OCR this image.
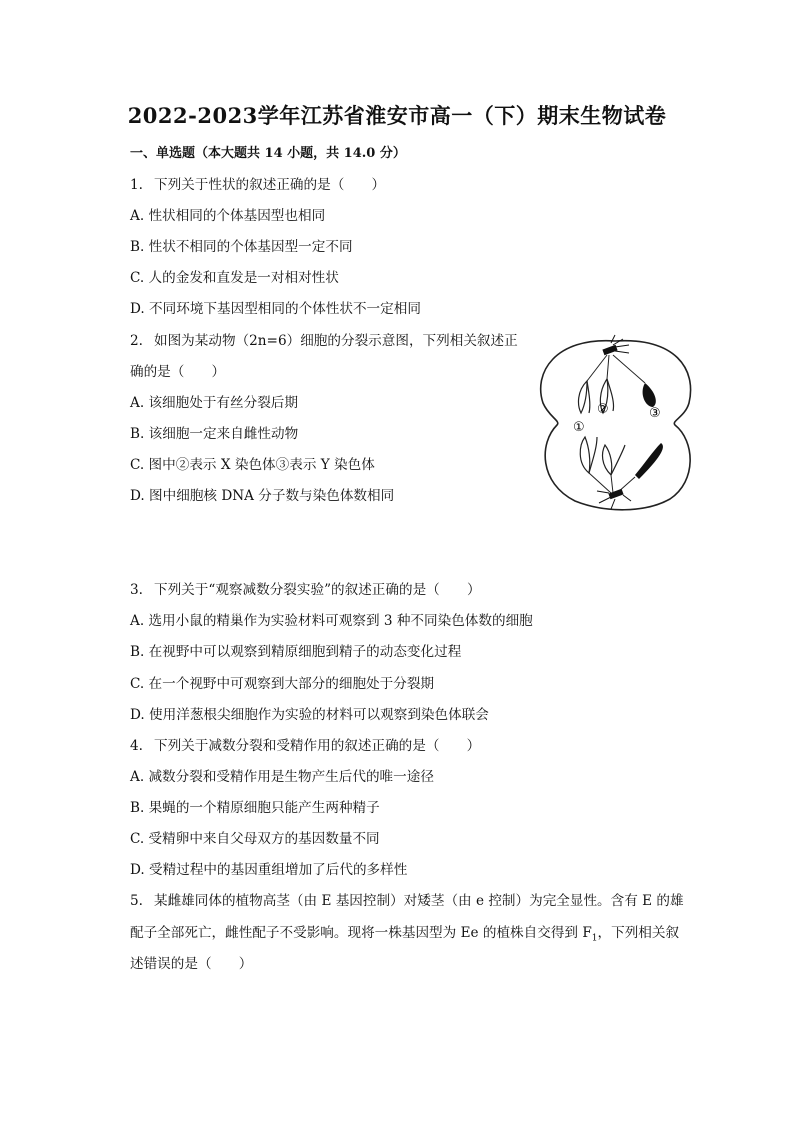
2022-2023学年江苏省淮安市高一（下）期末生物试卷
一、单选题（本大题共 14 小题，共 14.0 分）
1. 下列关于性状的叙述正确的是（　　）
A. 性状相同的个体基因型也相同
B. 性状不相同的个体基因型一定不同
C. 人的金发和直发是一对相对性状
D. 不同环境下基因型相同的个体性状不一定相同
2. 如图为某动物（2n=6）细胞的分裂示意图，下列相关叙述正
确的是（　　）
A. 该细胞处于有丝分裂后期
B. 该细胞一定来自雌性动物
C. 图中②表示 X 染色体③表示 Y 染色体
D. 图中细胞核 DNA 分子数与染色体数相同
①
②	③
3. 下列关于“观察减数分裂实验”的叙述正确的是（　　）
A. 选用小鼠的精巢作为实验材料可观察到 3 种不同染色体数的细胞
B. 在视野中可以观察到精原细胞到精子的动态变化过程
C. 在一个视野中可观察到大部分的细胞处于分裂期
D. 使用洋葱根尖细胞作为实验的材料可以观察到染色体联会
4. 下列关于减数分裂和受精作用的叙述正确的是（　　）
A. 减数分裂和受精作用是生物产生后代的唯一途径
B. 果蝇的一个精原细胞只能产生两种精子
C. 受精卵中来自父母双方的基因数量不同
D. 受精过程中的基因重组增加了后代的多样性
5. 某雌雄同体的植物高茎（由 E 基因控制）对矮茎（由 e 控制）为完全显性。含有 E 的雄
配子全部死亡，雌性配子不受影响。现将一株基因型为 Ee 的植株自交得到 $F_1$，下列相关叙
述错误的是（　　）
